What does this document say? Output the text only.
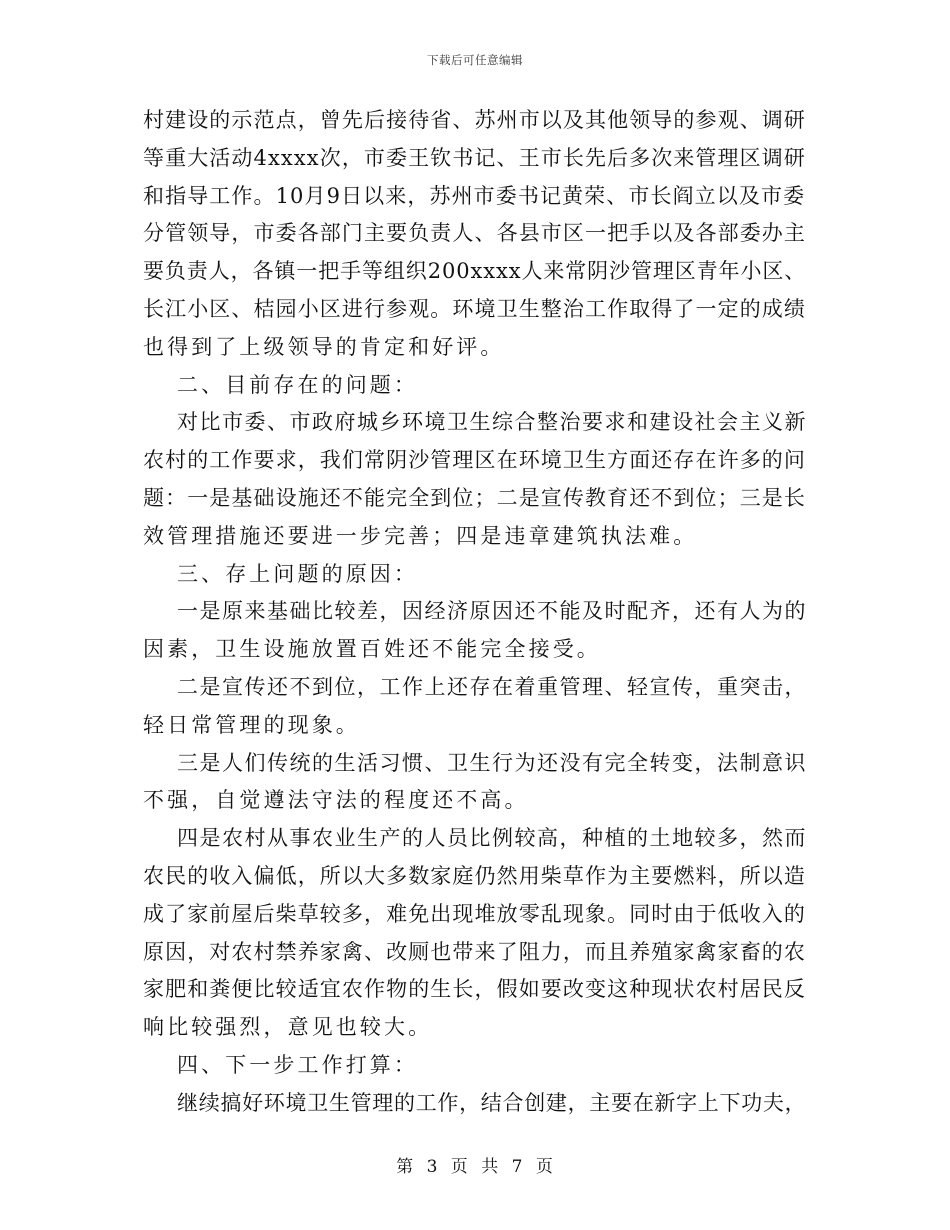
下载后可任意编辑
村建设的示范点，曾先后接待省、苏州市以及其他领导的参观、调研
等重大活动4xxxx次，市委王钦书记、王市长先后多次来管理区调研
和指导工作。10月9日以来，苏州市委书记黄荣、市长阎立以及市委
分管领导，市委各部门主要负责人、各县市区一把手以及各部委办主
要负责人，各镇一把手等组织200xxxx人来常阴沙管理区青年小区、
长江小区、桔园小区进行参观。环境卫生整治工作取得了一定的成绩
也得到了上级领导的肯定和好评。
二、目前存在的问题：
对比市委、市政府城乡环境卫生综合整治要求和建设社会主义新
农村的工作要求，我们常阴沙管理区在环境卫生方面还存在许多的问
题：一是基础设施还不能完全到位；二是宣传教育还不到位；三是长
效管理措施还要进一步完善；四是违章建筑执法难。
三、存上问题的原因：
一是原来基础比较差，因经济原因还不能及时配齐，还有人为的
因素，卫生设施放置百姓还不能完全接受。
二是宣传还不到位，工作上还存在着重管理、轻宣传，重突击，
轻日常管理的现象。
三是人们传统的生活习惯、卫生行为还没有完全转变，法制意识
不强，自觉遵法守法的程度还不高。
四是农村从事农业生产的人员比例较高，种植的土地较多，然而
农民的收入偏低，所以大多数家庭仍然用柴草作为主要燃料，所以造
成了家前屋后柴草较多，难免出现堆放零乱现象。同时由于低收入的
原因，对农村禁养家禽、改厕也带来了阻力，而且养殖家禽家畜的农
家肥和粪便比较适宜农作物的生长，假如要改变这种现状农村居民反
响比较强烈，意见也较大。
四、下一步工作打算：
继续搞好环境卫生管理的工作，结合创建，主要在新字上下功夫，
第 3 页 共 7 页
